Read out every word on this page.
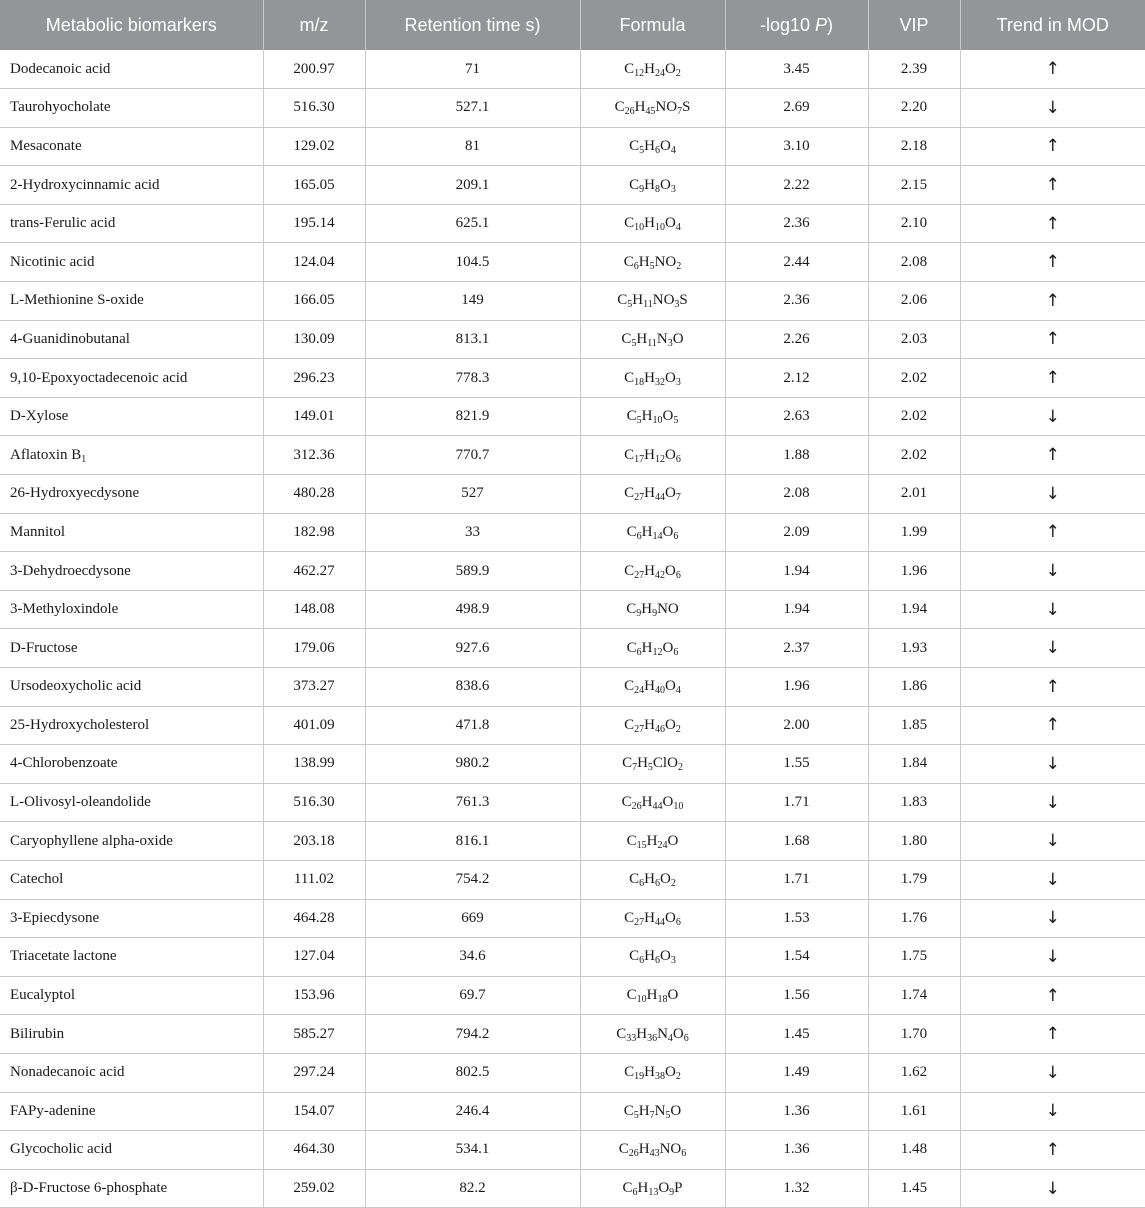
Metabolic biomarkers	m/z	Retention time s)	Formula	-log10 P)	VIP	Trend in MOD
Dodecanoic acid	200.97	71	$C_{12}H_{24}O_2$	3.45	2.39	↑
Taurohyocholate	516.30	527.1	$C_{26}H_{45}NO_7S$	2.69	2.20	↓
Mesaconate	129.02	81	$C_5H_6O_4$	3.10	2.18	↑
2-Hydroxycinnamic acid	165.05	209.1	$C_9H_8O_3$	2.22	2.15	↑
trans-Ferulic acid	195.14	625.1	$C_{10}H_{10}O_4$	2.36	2.10	↑
Nicotinic acid	124.04	104.5	$C_6H_5NO_2$	2.44	2.08	↑
L-Methionine S-oxide	166.05	149	$C_5H_{11}NO_3S$	2.36	2.06	↑
4-Guanidinobutanal	130.09	813.1	$C_5H_{11}N_3O$	2.26	2.03	↑
9,10-Epoxyoctadecenoic acid	296.23	778.3	$C_{18}H_{32}O_3$	2.12	2.02	↑
D-Xylose	149.01	821.9	$C_5H_{10}O_5$	2.63	2.02	↓
Aflatoxin $B_1$	312.36	770.7	$C_{17}H_{12}O_6$	1.88	2.02	↑
26-Hydroxyecdysone	480.28	527	$C_{27}H_{44}O_7$	2.08	2.01	↓
Mannitol	182.98	33	$C_6H_{14}O_6$	2.09	1.99	↑
3-Dehydroecdysone	462.27	589.9	$C_{27}H_{42}O_6$	1.94	1.96	↓
3-Methyloxindole	148.08	498.9	$C_9H_9NO$	1.94	1.94	↓
D-Fructose	179.06	927.6	$C_6H_{12}O_6$	2.37	1.93	↓
Ursodeoxycholic acid	373.27	838.6	$C_{24}H_{40}O_4$	1.96	1.86	↑
25-Hydroxycholesterol	401.09	471.8	$C_{27}H_{46}O_2$	2.00	1.85	↑
4-Chlorobenzoate	138.99	980.2	$C_7H_5ClO_2$	1.55	1.84	↓
L-Olivosyl-oleandolide	516.30	761.3	$C_{26}H_{44}O_{10}$	1.71	1.83	↓
Caryophyllene alpha-oxide	203.18	816.1	$C_{15}H_{24}O$	1.68	1.80	↓
Catechol	111.02	754.2	$C_6H_6O_2$	1.71	1.79	↓
3-Epiecdysone	464.28	669	$C_{27}H_{44}O_6$	1.53	1.76	↓
Triacetate lactone	127.04	34.6	$C_6H_6O_3$	1.54	1.75	↓
Eucalyptol	153.96	69.7	$C_{10}H_{18}O$	1.56	1.74	↑
Bilirubin	585.27	794.2	$C_{33}H_{36}N_4O_6$	1.45	1.70	↑
Nonadecanoic acid	297.24	802.5	$C_{19}H_{38}O_2$	1.49	1.62	↓
FAPy-adenine	154.07	246.4	$C_5H_7N_5O$	1.36	1.61	↓
Glycocholic acid	464.30	534.1	$C_{26}H_{43}NO_6$	1.36	1.48	↑
β-D-Fructose 6-phosphate	259.02	82.2	$C_6H_{13}O_9P$	1.32	1.45	↓
